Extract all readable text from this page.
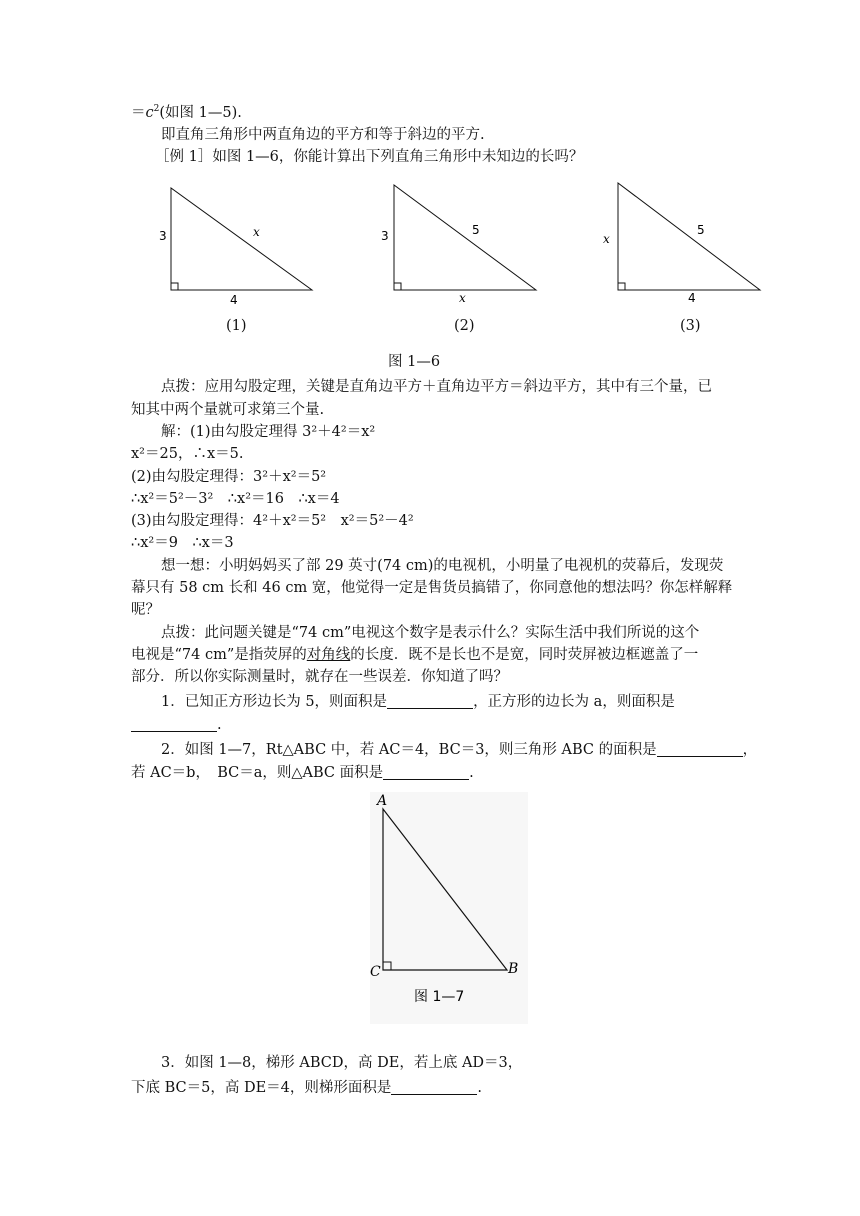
$=c^2$(如图 1—5).
即直角三角形中两直角边的平方和等于斜边的平方.
［例 1］如图 1—6，你能计算出下列直角三角形中未知边的长吗？
3
4
x	3
x
5
x
4
5
(1)	(2)	(3)
图 1—6
点拨：应用勾股定理，关键是直角边平方＋直角边平方＝斜边平方，其中有三个量，已
知其中两个量就可求第三个量.
解：(1)由勾股定理得 3²＋4²＝x²
x²＝25，∴x＝5.
(2)由勾股定理得：3²＋x²＝5²
∴x²＝5²－3²　∴x²＝16　∴x＝4
(3)由勾股定理得：4²＋x²＝5²　x²＝5²－4²
∴x²＝9　∴x＝3
想一想：小明妈妈买了部 29 英寸(74 cm)的电视机，小明量了电视机的荧幕后，发现荧
幕只有 58 cm 长和 46 cm 宽，他觉得一定是售货员搞错了，你同意他的想法吗？你怎样解释
呢？
点拨：此问题关键是“74 cm”电视这个数字是表示什么？实际生活中我们所说的这个
电视是“74 cm”是指荧屏的对角线的长度．既不是长也不是宽，同时荧屏被边框遮盖了一
部分．所以你实际测量时，就存在一些误差．你知道了吗？
1．已知正方形边长为 5，则面积是	，正方形的边长为 a，则面积是
.
2．如图 1—7，Rt△ABC 中，若 AC＝4，BC＝3，则三角形 ABC 的面积是	，
若 AC＝b，　BC＝a，则△ABC 面积是	.
A
C	B
图 1—7
3．如图 1—8，梯形 ABCD，高 DE，若上底 AD＝3，
下底 BC＝5，高 DE＝4，则梯形面积是	.
